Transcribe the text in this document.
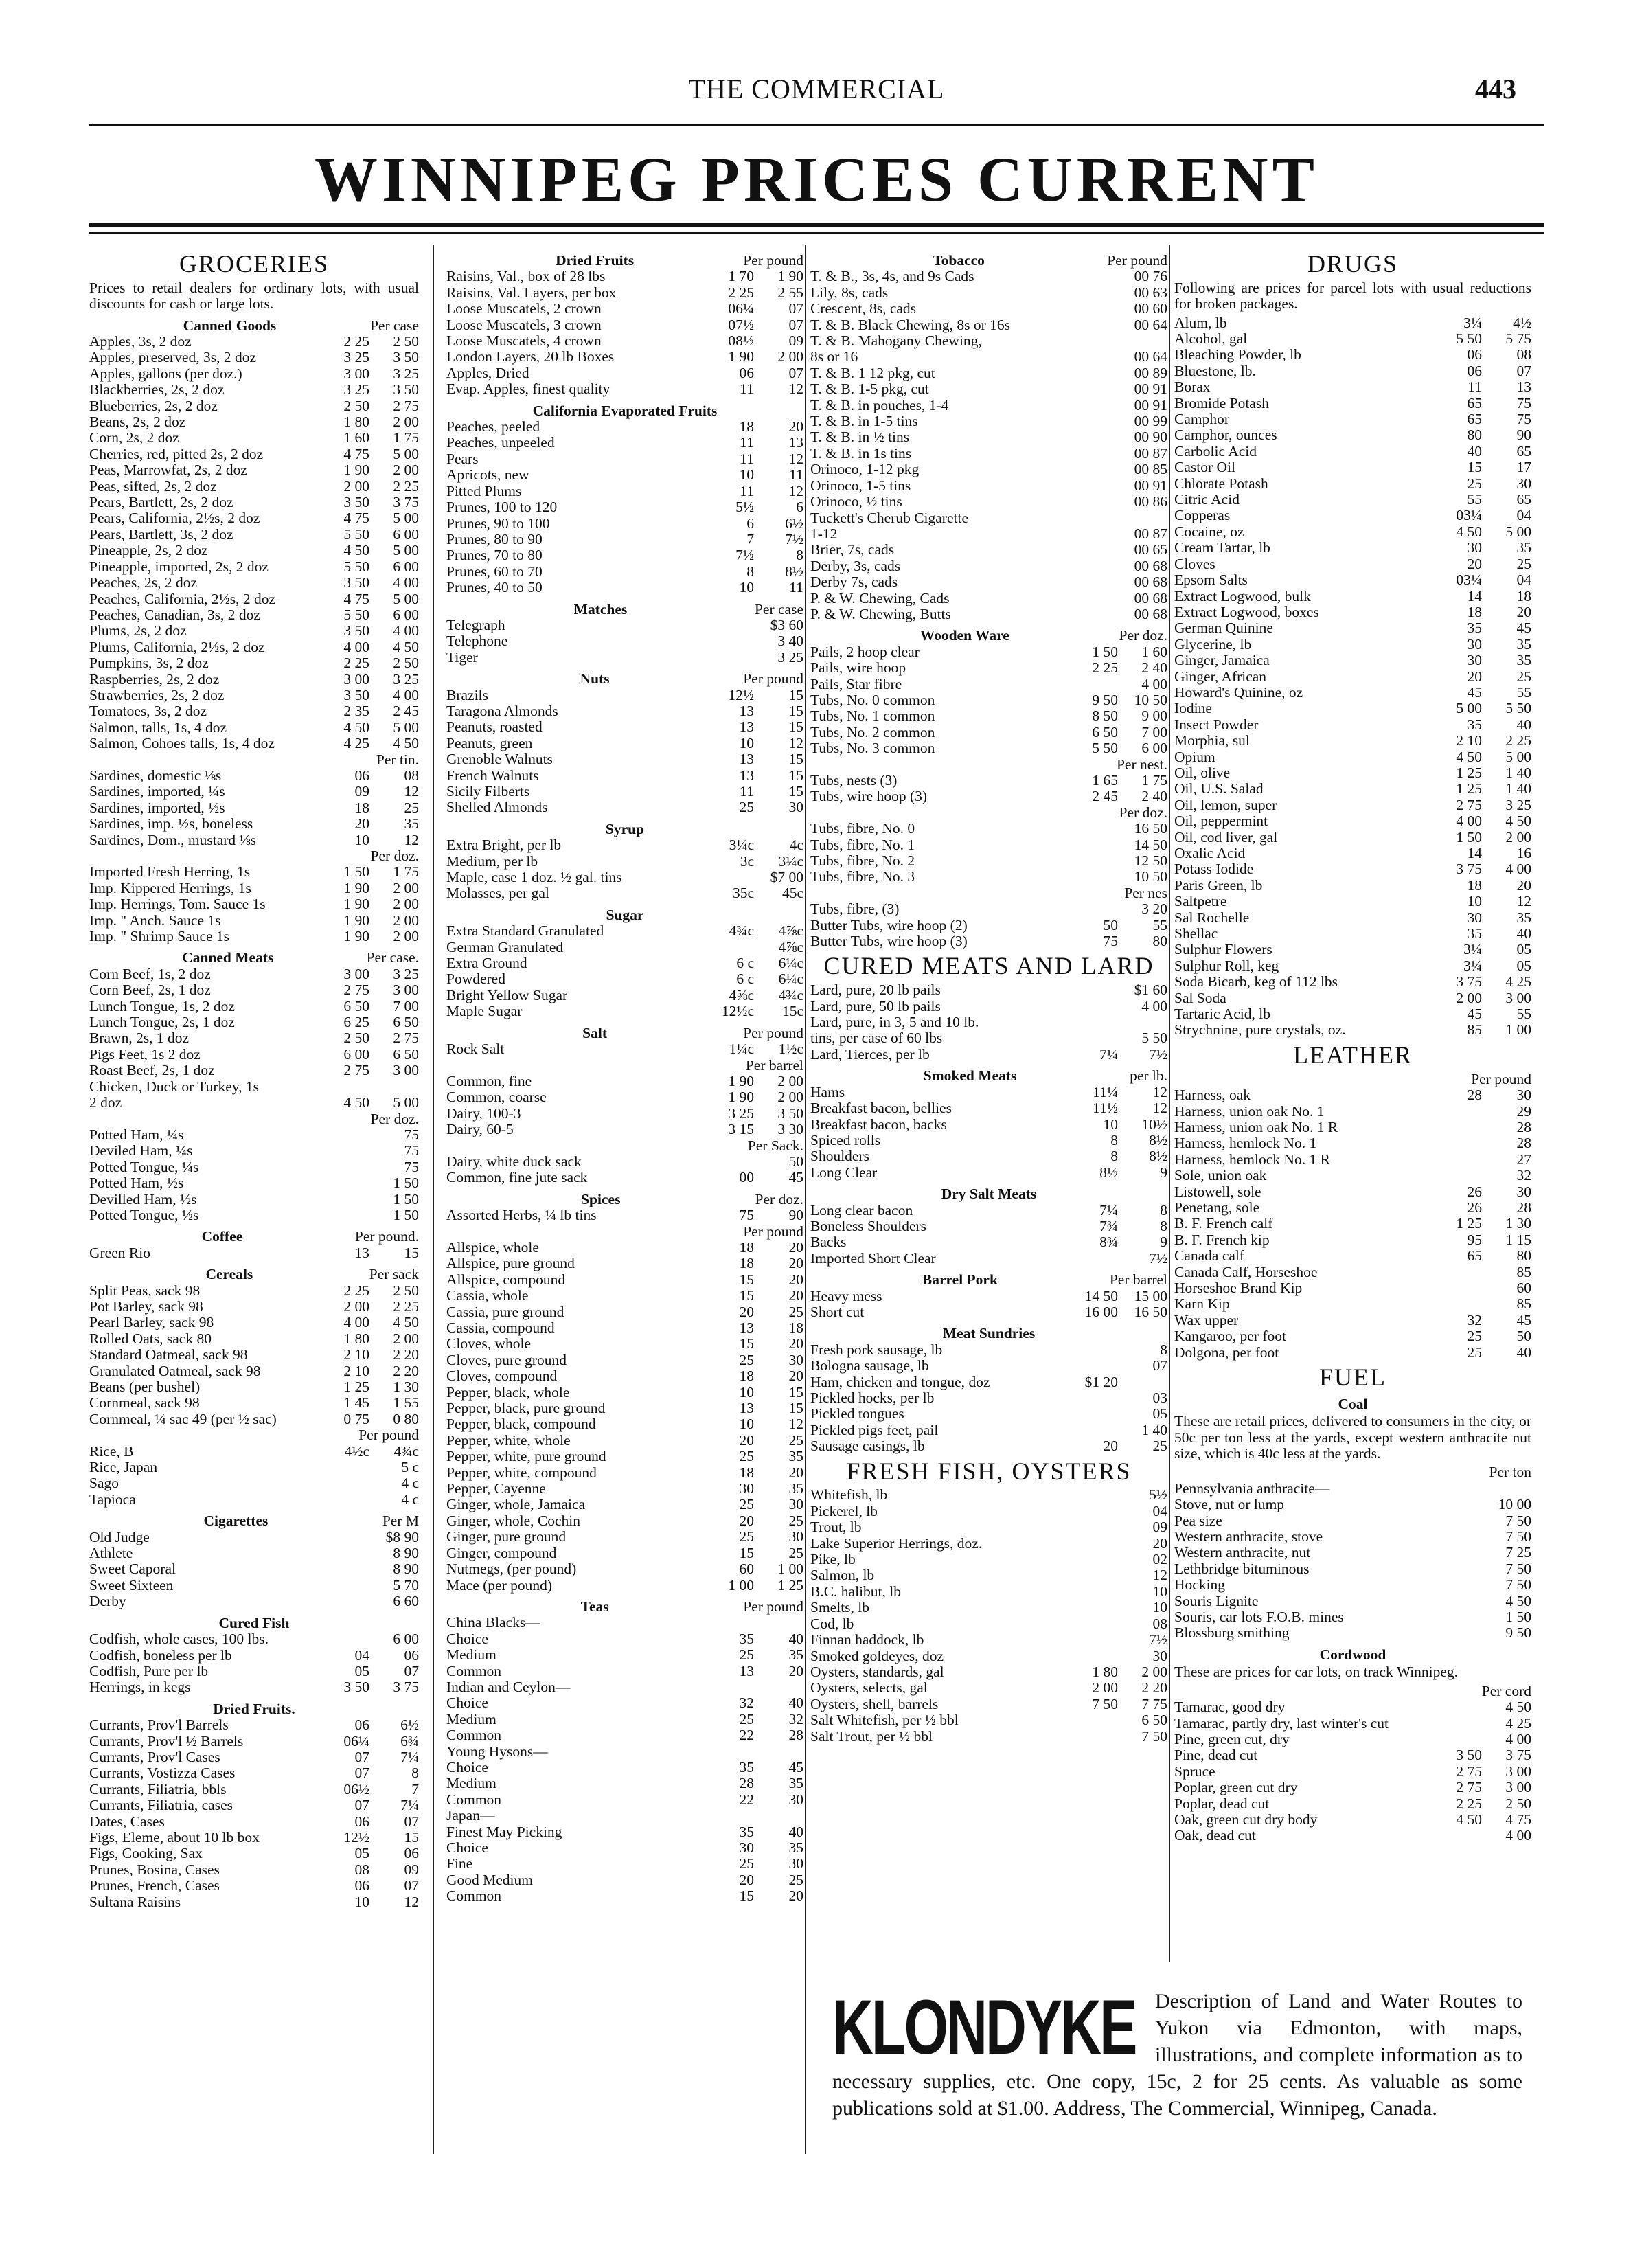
THE COMMERCIAL	443
WINNIPEG PRICES CURRENT
GROCERIES
Prices to retail dealers for ordinary lots, with usual discounts for cash or large lots.
Canned Goods	Per case
Apples, 3s, 2 doz	2 25	2 50
Apples, preserved, 3s, 2 doz	3 25	3 50
Apples, gallons (per doz.)	3 00	3 25
Blackberries, 2s, 2 doz	3 25	3 50
Blueberries, 2s, 2 doz	2 50	2 75
Beans, 2s, 2 doz	1 80	2 00
Corn, 2s, 2 doz	1 60	1 75
Cherries, red, pitted 2s, 2 doz	4 75	5 00
Peas, Marrowfat, 2s, 2 doz	1 90	2 00
Peas, sifted, 2s, 2 doz	2 00	2 25
Pears, Bartlett, 2s, 2 doz	3 50	3 75
Pears, California, 2½s, 2 doz	4 75	5 00
Pears, Bartlett, 3s, 2 doz	5 50	6 00
Pineapple, 2s, 2 doz	4 50	5 00
Pineapple, imported, 2s, 2 doz	5 50	6 00
Peaches, 2s, 2 doz	3 50	4 00
Peaches, California, 2½s, 2 doz	4 75	5 00
Peaches, Canadian, 3s, 2 doz	5 50	6 00
Plums, 2s, 2 doz	3 50	4 00
Plums, California, 2½s, 2 doz	4 00	4 50
Pumpkins, 3s, 2 doz	2 25	2 50
Raspberries, 2s, 2 doz	3 00	3 25
Strawberries, 2s, 2 doz	3 50	4 00
Tomatoes, 3s, 2 doz	2 35	2 45
Salmon, talls, 1s, 4 doz	4 50	5 00
Salmon, Cohoes talls, 1s, 4 doz	4 25	4 50
Per tin.
Sardines, domestic ⅛s	06	08
Sardines, imported, ¼s	09	12
Sardines, imported, ½s	18	25
Sardines, imp. ½s, boneless	20	35
Sardines, Dom., mustard ⅛s	10	12
Per doz.
Imported Fresh Herring, 1s	1 50	1 75
Imp. Kippered Herrings, 1s	1 90	2 00
Imp. Herrings, Tom. Sauce 1s	1 90	2 00
Imp. " Anch. Sauce 1s	1 90	2 00
Imp. " Shrimp Sauce 1s	1 90	2 00
Canned Meats	Per case.
Corn Beef, 1s, 2 doz	3 00	3 25
Corn Beef, 2s, 1 doz	2 75	3 00
Lunch Tongue, 1s, 2 doz	6 50	7 00
Lunch Tongue, 2s, 1 doz	6 25	6 50
Brawn, 2s, 1 doz	2 50	2 75
Pigs Feet, 1s 2 doz	6 00	6 50
Roast Beef, 2s, 1 doz	2 75	3 00
Chicken, Duck or Turkey, 1s
2 doz	4 50	5 00
Per doz.
Potted Ham, ¼s	75
Deviled Ham, ¼s	75
Potted Tongue, ¼s	75
Potted Ham, ½s	1 50
Devilled Ham, ½s	1 50
Potted Tongue, ½s	1 50
Coffee	Per pound.
Green Rio	13	15
Cereals	Per sack
Split Peas, sack 98	2 25	2 50
Pot Barley, sack 98	2 00	2 25
Pearl Barley, sack 98	4 00	4 50
Rolled Oats, sack 80	1 80	2 00
Standard Oatmeal, sack 98	2 10	2 20
Granulated Oatmeal, sack 98	2 10	2 20
Beans (per bushel)	1 25	1 30
Cornmeal, sack 98	1 45	1 55
Cornmeal, ¼ sac 49 (per ½ sac)	0 75	0 80
Per pound
Rice, B	4½c	4¾c
Rice, Japan	5 c
Sago	4 c
Tapioca	4 c
Cigarettes	Per M
Old Judge	$8 90
Athlete	8 90
Sweet Caporal	8 90
Sweet Sixteen	5 70
Derby	6 60
Cured Fish
Codfish, whole cases, 100 lbs.	6 00
Codfish, boneless per lb	04	06
Codfish, Pure per lb	05	07
Herrings, in kegs	3 50	3 75
Dried Fruits.
Currants, Prov'l Barrels	06	6½
Currants, Prov'l ½ Barrels	06¼	6¾
Currants, Prov'l Cases	07	7¼
Currants, Vostizza Cases	07	8
Currants, Filiatria, bbls	06½	7
Currants, Filiatria, cases	07	7¼
Dates, Cases	06	07
Figs, Eleme, about 10 lb box	12½	15
Figs, Cooking, Sax	05	06
Prunes, Bosina, Cases	08	09
Prunes, French, Cases	06	07
Sultana Raisins	10	12
Dried Fruits	Per pound
Raisins, Val., box of 28 lbs	1 70	1 90
Raisins, Val. Layers, per box	2 25	2 55
Loose Muscatels, 2 crown	06¼	07
Loose Muscatels, 3 crown	07½	07
Loose Muscatels, 4 crown	08½	09
London Layers, 20 lb Boxes	1 90	2 00
Apples, Dried	06	07
Evap. Apples, finest quality	11	12
California Evaporated Fruits
Peaches, peeled	18	20
Peaches, unpeeled	11	13
Pears	11	12
Apricots, new	10	11
Pitted Plums	11	12
Prunes, 100 to 120	5½	6
Prunes, 90 to 100	6	6½
Prunes, 80 to 90	7	7½
Prunes, 70 to 80	7½	8
Prunes, 60 to 70	8	8½
Prunes, 40 to 50	10	11
Matches	Per case
Telegraph	$3 60
Telephone	3 40
Tiger	3 25
Nuts	Per pound
Brazils	12½	15
Taragona Almonds	13	15
Peanuts, roasted	13	15
Peanuts, green	10	12
Grenoble Walnuts	13	15
French Walnuts	13	15
Sicily Filberts	11	15
Shelled Almonds	25	30
Syrup
Extra Bright, per lb	3¼c	4c
Medium, per lb	3c	3¼c
Maple, case 1 doz. ½ gal. tins	$7 00
Molasses, per gal	35c	45c
Sugar
Extra Standard Granulated	4¾c	4⅞c
German Granulated	4⅞c
Extra Ground	6 c	6¼c
Powdered	6 c	6¼c
Bright Yellow Sugar	4⅝c	4¾c
Maple Sugar	12½c	15c
Salt	Per pound
Rock Salt	1¼c	1½c
Per barrel
Common, fine	1 90	2 00
Common, coarse	1 90	2 00
Dairy, 100-3	3 25	3 50
Dairy, 60-5	3 15	3 30
Per Sack.
Dairy, white duck sack	50
Common, fine jute sack	00	45
Spices	Per doz.
Assorted Herbs, ¼ lb tins	75	90
Per pound
Allspice, whole	18	20
Allspice, pure ground	18	20
Allspice, compound	15	20
Cassia, whole	15	20
Cassia, pure ground	20	25
Cassia, compound	13	18
Cloves, whole	15	20
Cloves, pure ground	25	30
Cloves, compound	18	20
Pepper, black, whole	10	15
Pepper, black, pure ground	13	15
Pepper, black, compound	10	12
Pepper, white, whole	20	25
Pepper, white, pure ground	25	35
Pepper, white, compound	18	20
Pepper, Cayenne	30	35
Ginger, whole, Jamaica	25	30
Ginger, whole, Cochin	20	25
Ginger, pure ground	25	30
Ginger, compound	15	25
Nutmegs, (per pound)	60	1 00
Mace (per pound)	1 00	1 25
Teas	Per pound
China Blacks—
Choice	35	40
Medium	25	35
Common	13	20
Indian and Ceylon—
Choice	32	40
Medium	25	32
Common	22	28
Young Hysons—
Choice	35	45
Medium	28	35
Common	22	30
Japan—
Finest May Picking	35	40
Choice	30	35
Fine	25	30
Good Medium	20	25
Common	15	20
Tobacco	Per pound
T. & B., 3s, 4s, and 9s Cads	00 76
Lily, 8s, cads	00 63
Crescent, 8s, cads	00 60
T. & B. Black Chewing, 8s or 16s	00 64
T. & B. Mahogany Chewing,
8s or 16	00 64
T. & B. 1 12 pkg, cut	00 89
T. & B. 1-5 pkg, cut	00 91
T. & B. in pouches, 1-4	00 91
T. & B. in 1-5 tins	00 99
T. & B. in ½ tins	00 90
T. & B. in 1s tins	00 87
Orinoco, 1-12 pkg	00 85
Orinoco, 1-5 tins	00 91
Orinoco, ½ tins	00 86
Tuckett's Cherub Cigarette
1-12	00 87
Brier, 7s, cads	00 65
Derby, 3s, cads	00 68
Derby 7s, cads	00 68
P. & W. Chewing, Cads	00 68
P. & W. Chewing, Butts	00 68
Wooden Ware	Per doz.
Pails, 2 hoop clear	1 50	1 60
Pails, wire hoop	2 25	2 40
Pails, Star fibre	4 00
Tubs, No. 0 common	9 50	10 50
Tubs, No. 1 common	8 50	9 00
Tubs, No. 2 common	6 50	7 00
Tubs, No. 3 common	5 50	6 00
Per nest.
Tubs, nests (3)	1 65	1 75
Tubs, wire hoop (3)	2 45	2 40
Per doz.
Tubs, fibre, No. 0	16 50
Tubs, fibre, No. 1	14 50
Tubs, fibre, No. 2	12 50
Tubs, fibre, No. 3	10 50
Per nes
Tubs, fibre, (3)	3 20
Butter Tubs, wire hoop (2)	50	55
Butter Tubs, wire hoop (3)	75	80
CURED MEATS AND LARD
Lard, pure, 20 lb pails	$1 60
Lard, pure, 50 lb pails	4 00
Lard, pure, in 3, 5 and 10 lb.
tins, per case of 60 lbs	5 50
Lard, Tierces, per lb	7¼	7½
Smoked Meats	per lb.
Hams	11¼	12
Breakfast bacon, bellies	11½	12
Breakfast bacon, backs	10	10½
Spiced rolls	8	8½
Shoulders	8	8½
Long Clear	8½	9
Dry Salt Meats
Long clear bacon	7¼	8
Boneless Shoulders	7¾	8
Backs	8¾	9
Imported Short Clear	7½
Barrel Pork	Per barrel
Heavy mess	14 50	15 00
Short cut	16 00	16 50
Meat Sundries
Fresh pork sausage, lb	8
Bologna sausage, lb	07
Ham, chicken and tongue, doz	$1 20
Pickled hocks, per lb	03
Pickled tongues	05
Pickled pigs feet, pail	1 40
Sausage casings, lb	20	25
FRESH FISH, OYSTERS
Whitefish, lb	5½
Pickerel, lb	04
Trout, lb	09
Lake Superior Herrings, doz.	20
Pike, lb	02
Salmon, lb	12
B.C. halibut, lb	10
Smelts, lb	10
Cod, lb	08
Finnan haddock, lb	7½
Smoked goldeyes, doz	30
Oysters, standards, gal	1 80	2 00
Oysters, selects, gal	2 00	2 20
Oysters, shell, barrels	7 50	7 75
Salt Whitefish, per ½ bbl	6 50
Salt Trout, per ½ bbl	7 50
DRUGS
Following are prices for parcel lots with usual reductions for broken packages.
Alum, lb	3¼	4½
Alcohol, gal	5 50	5 75
Bleaching Powder, lb	06	08
Bluestone, lb.	06	07
Borax	11	13
Bromide Potash	65	75
Camphor	65	75
Camphor, ounces	80	90
Carbolic Acid	40	65
Castor Oil	15	17
Chlorate Potash	25	30
Citric Acid	55	65
Copperas	03¼	04
Cocaine, oz	4 50	5 00
Cream Tartar, lb	30	35
Cloves	20	25
Epsom Salts	03¼	04
Extract Logwood, bulk	14	18
Extract Logwood, boxes	18	20
German Quinine	35	45
Glycerine, lb	30	35
Ginger, Jamaica	30	35
Ginger, African	20	25
Howard's Quinine, oz	45	55
Iodine	5 00	5 50
Insect Powder	35	40
Morphia, sul	2 10	2 25
Opium	4 50	5 00
Oil, olive	1 25	1 40
Oil, U.S. Salad	1 25	1 40
Oil, lemon, super	2 75	3 25
Oil, peppermint	4 00	4 50
Oil, cod liver, gal	1 50	2 00
Oxalic Acid	14	16
Potass Iodide	3 75	4 00
Paris Green, lb	18	20
Saltpetre	10	12
Sal Rochelle	30	35
Shellac	35	40
Sulphur Flowers	3¼	05
Sulphur Roll, keg	3¼	05
Soda Bicarb, keg of 112 lbs	3 75	4 25
Sal Soda	2 00	3 00
Tartaric Acid, lb	45	55
Strychnine, pure crystals, oz.	85	1 00
LEATHER
Per pound
Harness, oak	28	30
Harness, union oak No. 1	29
Harness, union oak No. 1 R	28
Harness, hemlock No. 1	28
Harness, hemlock No. 1 R	27
Sole, union oak	32
Listowell, sole	26	30
Penetang, sole	26	28
B. F. French calf	1 25	1 30
B. F. French kip	95	1 15
Canada calf	65	80
Canada Calf, Horseshoe	85
Horseshoe Brand Kip	60
Karn Kip	85
Wax upper	32	45
Kangaroo, per foot	25	50
Dolgona, per foot	25	40
FUEL
Coal
These are retail prices, delivered to consumers in the city, or 50c per ton less at the yards, except western anthracite nut size, which is 40c less at the yards.
Per ton
Pennsylvania anthracite—
Stove, nut or lump	10 00
Pea size	7 50
Western anthracite, stove	7 50
Western anthracite, nut	7 25
Lethbridge bituminous	7 50
Hocking	7 50
Souris Lignite	4 50
Souris, car lots F.O.B. mines	1 50
Blossburg smithing	9 50
Cordwood
These are prices for car lots, on track Winnipeg.
Per cord
Tamarac, good dry	4 50
Tamarac, partly dry, last winter's cut	4 25
Pine, green cut, dry	4 00
Pine, dead cut	3 50	3 75
Spruce	2 75	3 00
Poplar, green cut dry	2 75	3 00
Poplar, dead cut	2 25	2 50
Oak, green cut dry body	4 50	4 75
Oak, dead cut	4 00
Description of Land and Water Routes to Yukon via Edmonton, with maps, illustrations, and complete information as to necessary supplies, etc. One copy, 15c, 2 for 25 cents. As valuable as some publications sold at $1.00. Address, The Commercial, Winnipeg, Canada.
KLONDYKE
